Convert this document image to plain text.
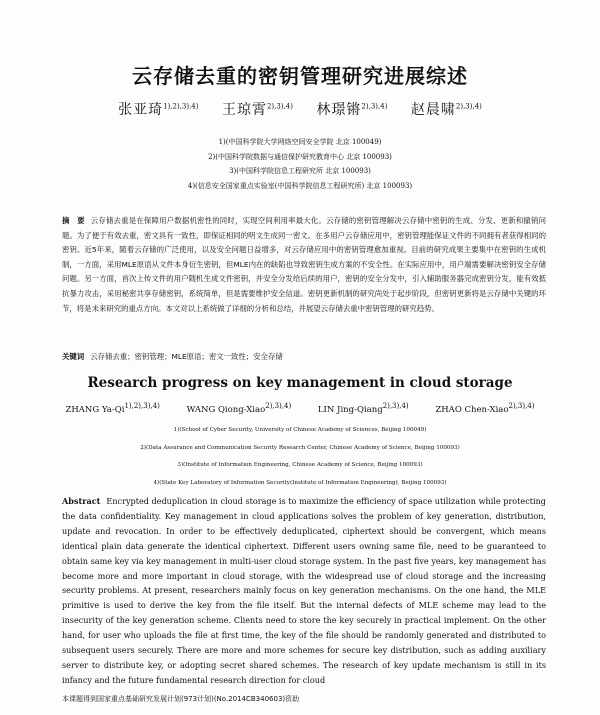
云存储去重的密钥管理研究进展综述
张亚琦$^{1),2),3),4)}$ 王琼霄$^{2),3),4)}$ 林璟锵$^{2),3),4)}$ 赵晨啸$^{2),3),4)}$
1)(中国科学院大学网络空间安全学院 北京 100049)
2)(中国科学院数据与通信保护研究教育中心 北京 100093)
3)(中国科学院信息工程研究所 北京 100093)
4)(信息安全国家重点实验室(中国科学院信息工程研究所) 北京 100093)
摘　要 云存储去重是在保障用户数据机密性的同时，实现空间利用率最大化。云存储的密钥管理解决云存储中密钥的生成、分发、更新和撤销问题。为了便于有效去重，密文具有一致性，即保证相同的明文生成同一密文。在多用户云存储应用中，密钥管理能保证文件的不同拥有者获得相同的密钥。近5年来，随着云存储的广泛使用，以及安全问题日益增多，对云存储应用中的密钥管理愈加重视。目前的研究成果主要集中在密钥的生成机制，一方面，采用MLE原语从文件本身衍生密钥，但MLE内在的缺陷也导致密钥生成方案的不安全性。在实际应用中，用户端需要解决密钥安全存储问题。另一方面，首次上传文件的用户随机生成文件密钥，并安全分发给后续的用户，密钥的安全分发中，引入辅助服务器完成密钥分发，能有效抵抗暴力攻击，采用秘密共享存储密钥，系统简单，但是需要维护安全信道。密钥更新机制的研究尚处于起步阶段，但密钥更新将是云存储中关键的环节，将是未来研究的重点方向。本文对以上系统做了详细的分析和总结，并展望云存储去重中密钥管理的研究趋势。
关键词 云存储去重；密钥管理；MLE原语；密文一致性；安全存储
Research progress on key management in cloud storage
ZHANG $Ya-Qi^{1),2),3),4)}$	WANG Qiong-Xiao$^{2),3),4)}$	LIN Jing-Qiang$^{2),3),4)}$	ZHAO Chen-Xiao$^{2),3),4)}$
1)(School of Cyber Security, University of Chinese Academy of Sciences, Beijing 100049)
2)(Data Assurance and Communication Security Research Center, Chinese Academy of Science, Beijing 100093)
3)(Institute of Information Engineering, Chinese Academy of Science, Beijing 100093)
4)(State Key Laboratory of Information Security(Institute of Information Engineering), Beijing 100093)
Abstract Encrypted deduplication in cloud storage is to maximize the efficiency of space utilization while protecting the data confidentiality. Key management in cloud applications solves the problem of key generation, distribution, update and revocation. In order to be effectively deduplicated, ciphertext should be convergent, which means identical plain data generate the identical ciphertext. Different users owning same file, need to be guaranteed to obtain same key via key management in multi-user cloud storage system. In the past five years, key management has become more and more important in cloud storage, with the widespread use of cloud storage and the increasing security problems. At present, researchers mainly focus on key generation mechanisms. On the one hand, the MLE primitive is used to derive the key from the file itself. But the internal defects of MLE scheme may lead to the insecurity of the key generation scheme. Clients need to store the key securely in practical implement. On the other hand, for user who uploads the file at first time, the key of the file should be randomly generated and distributed to subsequent users securely. There are more and more schemes for secure key distribution, such as adding auxiliary server to distribute key, or adopting secret shared schemes. The research of key update mechanism is still in its infancy and the future fundamental research direction for cloud
本课题得到国家重点基础研究发展计划(973计划)(No.2014CB340603)资助
